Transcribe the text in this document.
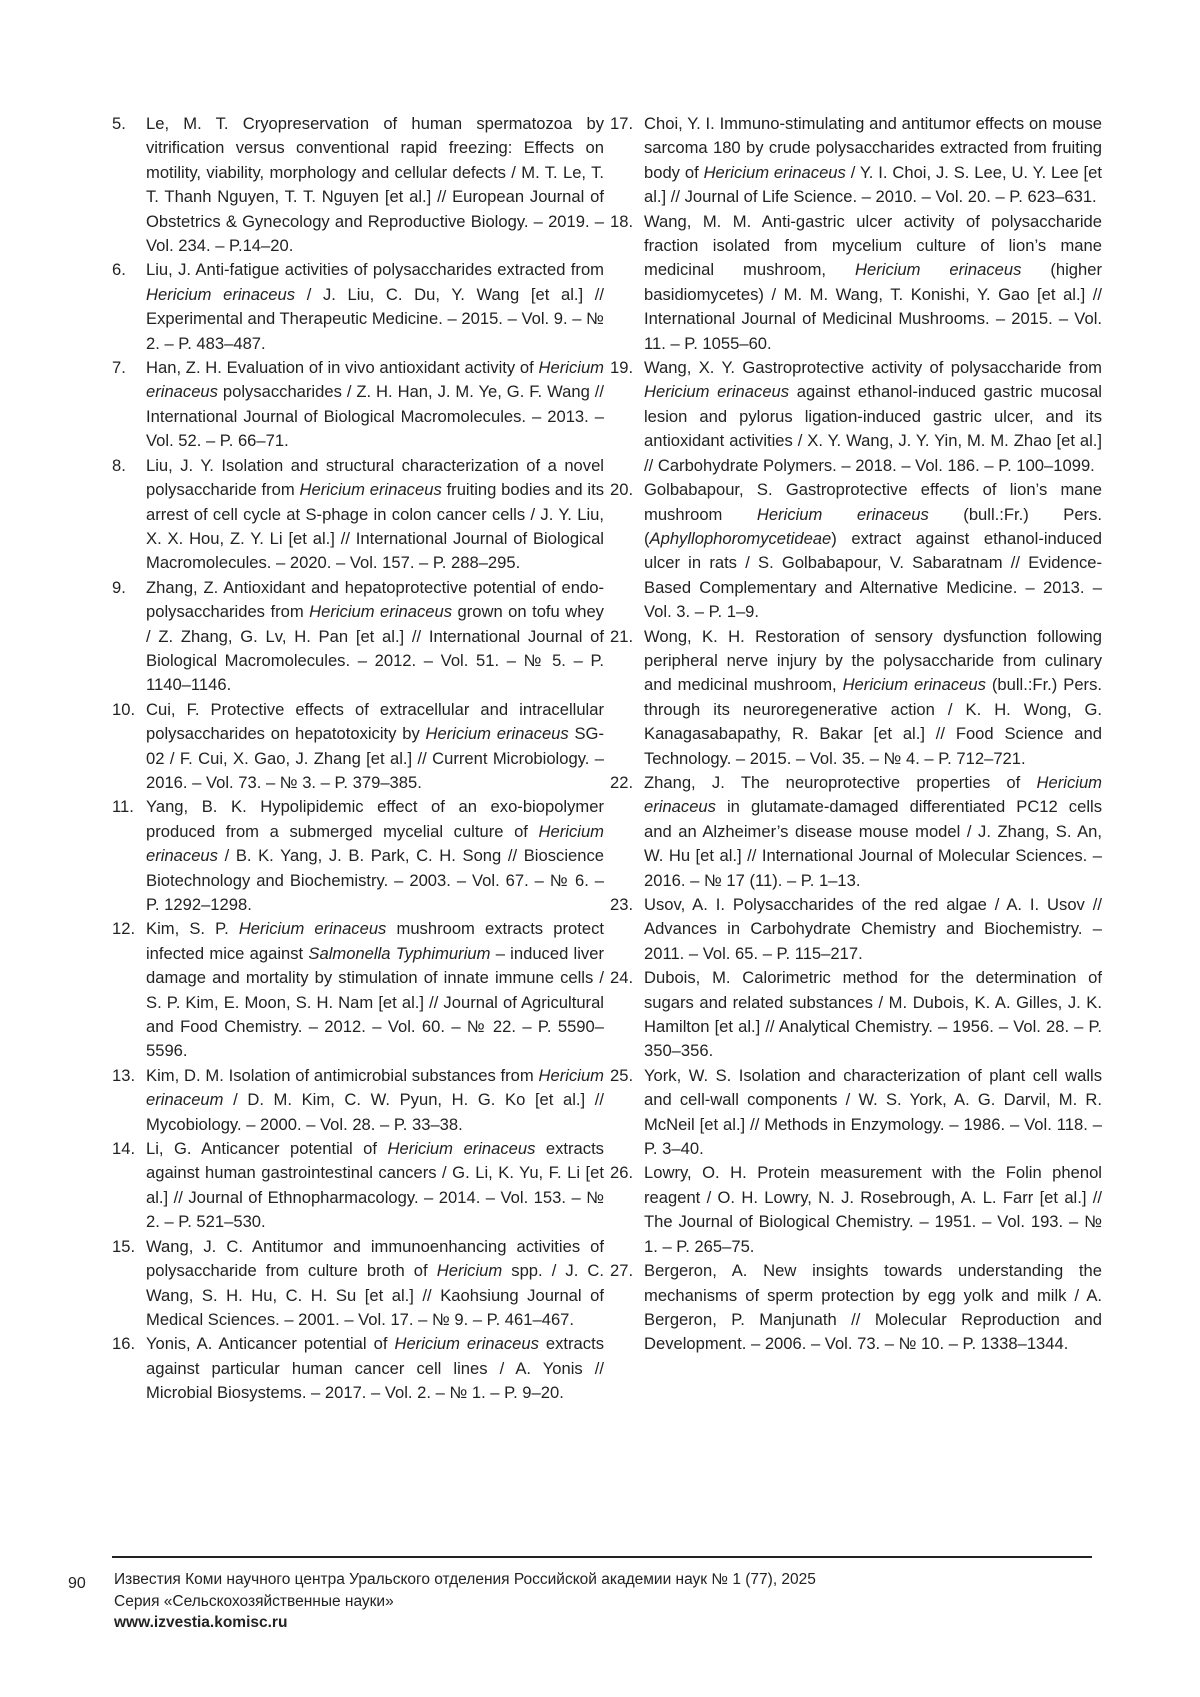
5.	Le, M. T. Cryopreservation of human spermatozoa by vitrification versus conventional rapid freezing: Effects on motility, viability, morphology and cellular defects / M. T. Le, T. T. Thanh Nguyen, T. T. Nguyen [et al.] // European Journal of Obstetrics & Gynecology and Reproductive Biology. – 2019. – Vol. 234. – P.14–20.
6.	Liu, J. Anti-fatigue activities of polysaccharides extracted from Hericium erinaceus / J. Liu, C. Du, Y. Wang [et al.] // Experimental and Therapeutic Medicine. – 2015. – Vol. 9. – № 2. – P. 483–487.
7.	Han, Z. H. Evaluation of in vivo antioxidant activity of Hericium erinaceus polysaccharides / Z. H. Han, J. M. Ye, G. F. Wang // International Journal of Biological Macromolecules. – 2013. – Vol. 52. – P. 66–71.
8.	Liu, J. Y. Isolation and structural characterization of a novel polysaccharide from Hericium erinaceus fruiting bodies and its arrest of cell cycle at S-phage in colon cancer cells / J. Y. Liu, X. X. Hou, Z. Y. Li [et al.] // International Journal of Biological Macromolecules. – 2020. – Vol. 157. – P. 288–295.
9.	Zhang, Z. Antioxidant and hepatoprotective potential of endo-polysaccharides from Hericium erinaceus grown on tofu whey / Z. Zhang, G. Lv, H. Pan [et al.] // International Journal of Biological Macromolecules. – 2012. – Vol. 51. – № 5. – P. 1140–1146.
10. Cui, F. Protective effects of extracellular and intracellular polysaccharides on hepatotoxicity by Hericium erinaceus SG-02 / F. Cui, X. Gao, J. Zhang [et al.] // Current Microbiology. – 2016. – Vol. 73. – № 3. – P. 379–385.
11. Yang, B. K. Hypolipidemic effect of an exo-biopolymer produced from a submerged mycelial culture of Hericium erinaceus / B. K. Yang, J. B. Park, C. H. Song // Bioscience Biotechnology and Biochemistry. – 2003. – Vol. 67. – № 6. – P. 1292–1298.
12. Kim, S. P. Hericium erinaceus mushroom extracts protect infected mice against Salmonella Typhimurium – induced liver damage and mortality by stimulation of innate immune cells / S. P. Kim, E. Moon, S. H. Nam [et al.] // Journal of Agricultural and Food Chemistry. – 2012. – Vol. 60. – № 22. – P. 5590–5596.
13. Kim, D. M. Isolation of antimicrobial substances from Hericium erinaceum / D. M. Kim, C. W. Pyun, H. G. Ko [et al.] // Mycobiology. – 2000. – Vol. 28. – P. 33–38.
14. Li, G. Anticancer potential of Hericium erinaceus extracts against human gastrointestinal cancers / G. Li, K. Yu, F. Li [et al.] // Journal of Ethnopharmacology. – 2014. – Vol. 153. – № 2. – P. 521–530.
15. Wang, J. C. Antitumor and immunoenhancing activities of polysaccharide from culture broth of Hericium spp. / J. C. Wang, S. H. Hu, C. H. Su [et al.] // Kaohsiung Journal of Medical Sciences. – 2001. – Vol. 17. – № 9. – P. 461–467.
16. Yonis, A. Anticancer potential of Hericium erinaceus extracts against particular human cancer cell lines / A. Yonis // Microbial Biosystems. – 2017. – Vol. 2. – № 1. – P. 9–20.
17. Choi, Y. I. Immuno-stimulating and antitumor effects on mouse sarcoma 180 by crude polysaccharides extracted from fruiting body of Hericium erinaceus / Y. I. Choi, J. S. Lee, U. Y. Lee [et al.] // Journal of Life Science. – 2010. – Vol. 20. – P. 623–631.
18. Wang, M. M. Anti-gastric ulcer activity of polysaccharide fraction isolated from mycelium culture of lion’s mane medicinal mushroom, Hericium erinaceus (higher basidiomycetes) / M. M. Wang, T. Konishi, Y. Gao [et al.] // International Journal of Medicinal Mushrooms. – 2015. – Vol. 11. – P. 1055–60.
19. Wang, X. Y. Gastroprotective activity of polysaccharide from Hericium erinaceus against ethanol-induced gastric mucosal lesion and pylorus ligation-induced gastric ulcer, and its antioxidant activities / X. Y. Wang, J. Y. Yin, M. M. Zhao [et al.] // Carbohydrate Polymers. – 2018. – Vol. 186. – P. 100–1099.
20. Golbabapour, S. Gastroprotective effects of lion’s mane mushroom Hericium erinaceus (bull.:Fr.) Pers. (Aphyllophoromycetideae) extract against ethanol-induced ulcer in rats / S. Golbabapour, V. Sabaratnam // Evidence-Based Complementary and Alternative Medicine. – 2013. – Vol. 3. – P. 1–9.
21. Wong, K. H. Restoration of sensory dysfunction following peripheral nerve injury by the polysaccharide from culinary and medicinal mushroom, Hericium erinaceus (bull.:Fr.) Pers. through its neuroregenerative action / K. H. Wong, G. Kanagasabapathy, R. Bakar [et al.] // Food Science and Technology. – 2015. – Vol. 35. – № 4. – P. 712–721.
22. Zhang, J. The neuroprotective properties of Hericium erinaceus in glutamate-damaged differentiated PC12 cells and an Alzheimer’s disease mouse model / J. Zhang, S. An, W. Hu [et al.] // International Journal of Molecular Sciences. – 2016. – № 17 (11). – P. 1–13.
23. Usov, A. I. Polysaccharides of the red algae / A. I. Usov // Advances in Carbohydrate Chemistry and Biochemistry. – 2011. – Vol. 65. – P. 115–217.
24. Dubois, M. Calorimetric method for the determination of sugars and related substances / M. Dubois, K. A. Gilles, J. K. Hamilton [et al.] // Analytical Chemistry. – 1956. – Vol. 28. – P. 350–356.
25. York, W. S. Isolation and characterization of plant cell walls and cell-wall components / W. S. York, A. G. Darvil, M. R. McNeil [et al.] // Methods in Enzymology. – 1986. – Vol. 118. – P. 3–40.
26. Lowry, O. H. Protein measurement with the Folin phenol reagent / O. H. Lowry, N. J. Rosebrough, A. L. Farr [et al.] // The Journal of Biological Chemistry. – 1951. – Vol. 193. – № 1. – P. 265–75.
27. Bergeron, A. New insights towards understanding the mechanisms of sperm protection by egg yolk and milk / A. Bergeron, P. Manjunath // Molecular Reproduction and Development. – 2006. – Vol. 73. – № 10. – P. 1338–1344.
90 Известия Коми научного центра Уральского отделения Российской академии наук № 1 (77), 2025
Серия «Сельскохозяйственные науки»
www.izvestia.komisc.ru
